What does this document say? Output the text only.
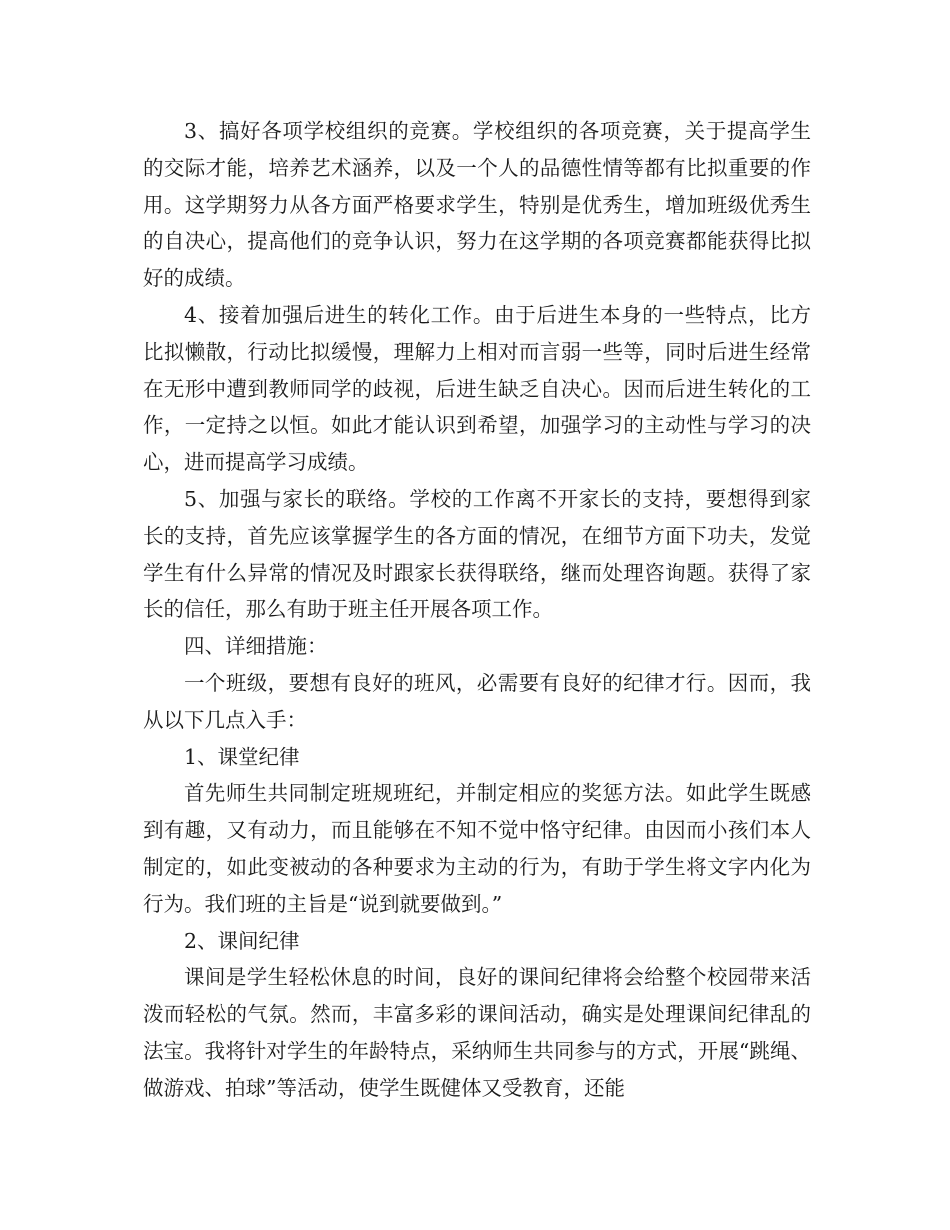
3、搞好各项学校组织的竞赛。学校组织的各项竞赛，关于提高学生的交际才能，培养艺术涵养，以及一个人的品德性情等都有比拟重要的作用。这学期努力从各方面严格要求学生，特别是优秀生，增加班级优秀生的自决心，提高他们的竞争认识，努力在这学期的各项竞赛都能获得比拟好的成绩。

4、接着加强后进生的转化工作。由于后进生本身的一些特点，比方比拟懒散，行动比拟缓慢，理解力上相对而言弱一些等，同时后进生经常在无形中遭到教师同学的歧视，后进生缺乏自决心。因而后进生转化的工作，一定持之以恒。如此才能认识到希望，加强学习的主动性与学习的决心，进而提高学习成绩。

5、加强与家长的联络。学校的工作离不开家长的支持，要想得到家长的支持，首先应该掌握学生的各方面的情况，在细节方面下功夫，发觉学生有什么异常的情况及时跟家长获得联络，继而处理咨询题。获得了家长的信任，那么有助于班主任开展各项工作。

四、详细措施：

一个班级，要想有良好的班风，必需要有良好的纪律才行。因而，我从以下几点入手：

1、课堂纪律

首先师生共同制定班规班纪，并制定相应的奖惩方法。如此学生既感到有趣，又有动力，而且能够在不知不觉中恪守纪律。由因而小孩们本人制定的，如此变被动的各种要求为主动的行为，有助于学生将文字内化为行为。我们班的主旨是“说到就要做到。”

2、课间纪律

课间是学生轻松休息的时间，良好的课间纪律将会给整个校园带来活泼而轻松的气氛。然而，丰富多彩的课间活动，确实是处理课间纪律乱的法宝。我将针对学生的年龄特点，采纳师生共同参与的方式，开展“跳绳、做游戏、拍球”等活动，使学生既健体又受教育，还能
